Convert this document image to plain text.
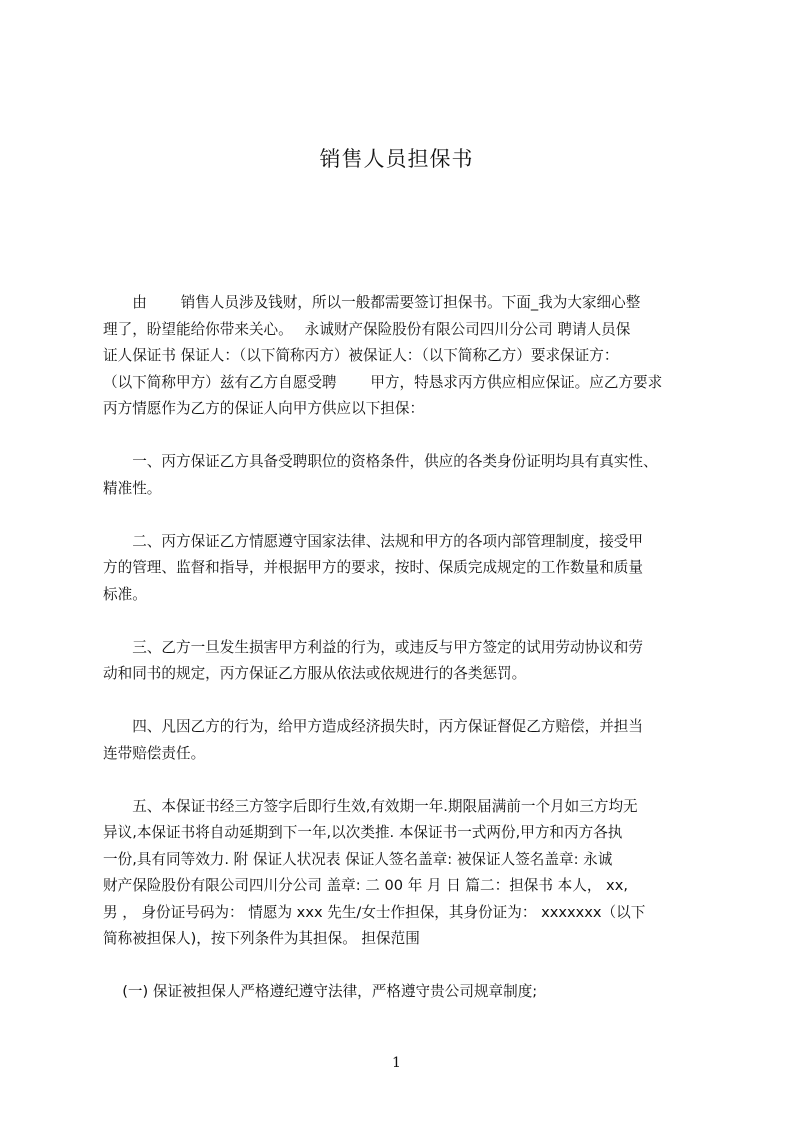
销售人员担保书
　　由　　 销售人员涉及钱财，所以一般都需要签订担保书。下面_我为大家细心整
理了，盼望能给你带来关心。　 永诚财产保险股份有限公司四川分公司 聘请人员保
证人保证书 保证人：（以下简称丙方）被保证人：（以下简称乙方）要求保证方：
（以下简称甲方）兹有乙方自愿受聘　　 甲方，特恳求丙方供应相应保证。应乙方要求
丙方情愿作为乙方的保证人向甲方供应以下担保：
　　一、丙方保证乙方具备受聘职位的资格条件，供应的各类身份证明均具有真实性、
精准性。
　　二、丙方保证乙方情愿遵守国家法律、法规和甲方的各项内部管理制度，接受甲
方的管理、监督和指导，并根据甲方的要求，按时、保质完成规定的工作数量和质量
标准。
　　三、乙方一旦发生损害甲方利益的行为，或违反与甲方签定的试用劳动协议和劳
动和同书的规定，丙方保证乙方服从依法或依规进行的各类惩罚。
　　四、凡因乙方的行为，给甲方造成经济损失时，丙方保证督促乙方赔偿，并担当
连带赔偿责任。
　　五、本保证书经三方签字后即行生效,有效期一年.期限届满前一个月如三方均无
异议,本保证书将自动延期到下一年,以次类推. 本保证书一式两份,甲方和丙方各执
一份,具有同等效力. 附 保证人状况表 保证人签名盖章: 被保证人签名盖章: 永诚
财产保险股份有限公司四川分公司 盖章: 二 00 年 月 日 篇二：担保书 本人， xx,
男 ， 身份证号码为： 情愿为 xxx 先生/女士作担保，其身份证为： xxxxxxx（以下
简称被担保人)，按下列条件为其担保。 担保范围
　 (一) 保证被担保人严格遵纪遵守法律，严格遵守贵公司规章制度;
1
